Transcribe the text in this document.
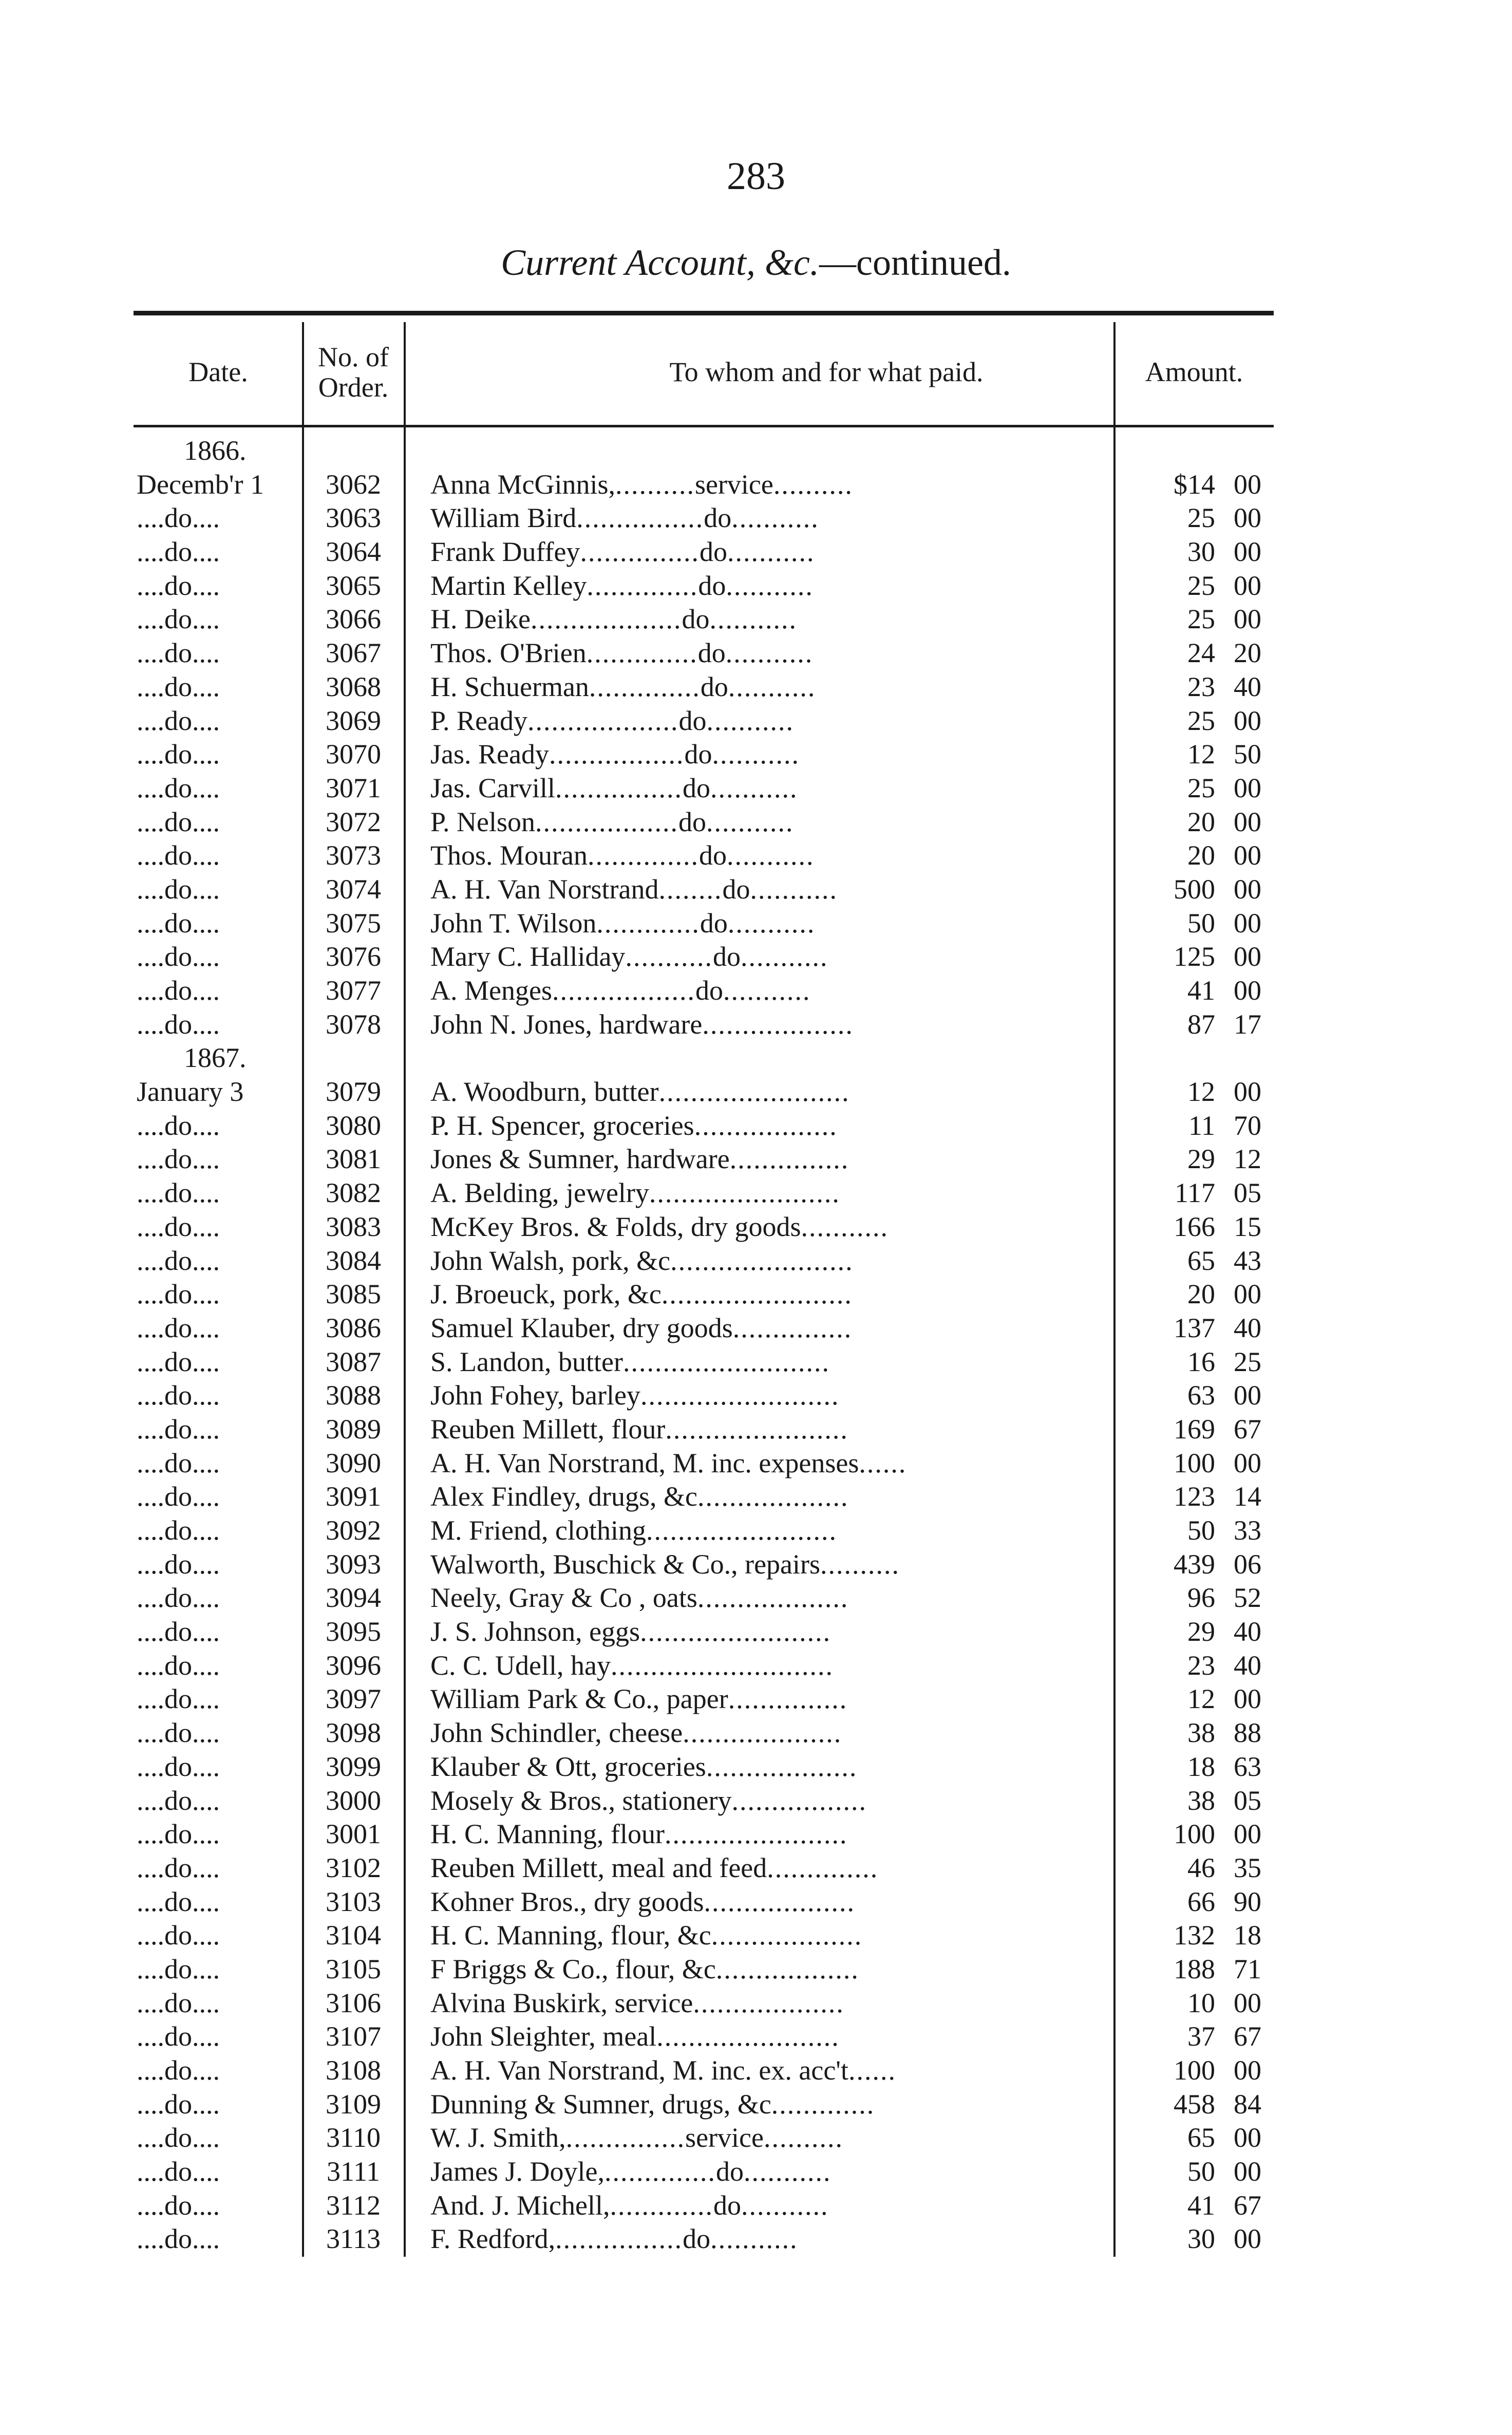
283
Current Account, &c.—continued.
Date.	No. of Order.	To whom and for what paid.	Amount.
1866.
Decemb'r 1	3062	Anna McGinnis,..........service..........	$14 00
....do....	3063	William Bird................do...........	25 00
....do....	3064	Frank Duffey...............do...........	30 00
....do....	3065	Martin Kelley..............do...........	25 00
....do....	3066	H. Deike...................do...........	25 00
....do....	3067	Thos. O'Brien..............do...........	24 20
....do....	3068	H. Schuerman..............do...........	23 40
....do....	3069	P. Ready...................do...........	25 00
....do....	3070	Jas. Ready.................do...........	12 50
....do....	3071	Jas. Carvill................do...........	25 00
....do....	3072	P. Nelson..................do...........	20 00
....do....	3073	Thos. Mouran..............do...........	20 00
....do....	3074	A. H. Van Norstrand........do...........	500 00
....do....	3075	John T. Wilson.............do...........	50 00
....do....	3076	Mary C. Halliday...........do...........	125 00
....do....	3077	A. Menges..................do...........	41 00
....do....	3078	John N. Jones, hardware...................	87 17
1867.
January 3	3079	A. Woodburn, butter........................	12 00
....do....	3080	P. H. Spencer, groceries..................	11 70
....do....	3081	Jones & Sumner, hardware...............	29 12
....do....	3082	A. Belding, jewelry........................	117 05
....do....	3083	McKey Bros. & Folds, dry goods...........	166 15
....do....	3084	John Walsh, pork, &c.......................	65 43
....do....	3085	J. Broeuck, pork, &c........................	20 00
....do....	3086	Samuel Klauber, dry goods...............	137 40
....do....	3087	S. Landon, butter..........................	16 25
....do....	3088	John Fohey, barley.........................	63 00
....do....	3089	Reuben Millett, flour.......................	169 67
....do....	3090	A. H. Van Norstrand, M. inc. expenses......	100 00
....do....	3091	Alex Findley, drugs, &c...................	123 14
....do....	3092	M. Friend, clothing........................	50 33
....do....	3093	Walworth, Buschick & Co., repairs..........	439 06
....do....	3094	Neely, Gray & Co , oats...................	96 52
....do....	3095	J. S. Johnson, eggs........................	29 40
....do....	3096	C. C. Udell, hay............................	23 40
....do....	3097	William Park & Co., paper...............	12 00
....do....	3098	John Schindler, cheese....................	38 88
....do....	3099	Klauber & Ott, groceries...................	18 63
....do....	3000	Mosely & Bros., stationery.................	38 05
....do....	3001	H. C. Manning, flour.......................	100 00
....do....	3102	Reuben Millett, meal and feed..............	46 35
....do....	3103	Kohner Bros., dry goods...................	66 90
....do....	3104	H. C. Manning, flour, &c...................	132 18
....do....	3105	F Briggs & Co., flour, &c..................	188 71
....do....	3106	Alvina Buskirk, service...................	10 00
....do....	3107	John Sleighter, meal.......................	37 67
....do....	3108	A. H. Van Norstrand, M. inc. ex. acc't......	100 00
....do....	3109	Dunning & Sumner, drugs, &c.............	458 84
....do....	3110	W. J. Smith,...............service..........	65 00
....do....	3111	James J. Doyle,..............do...........	50 00
....do....	3112	And. J. Michell,.............do...........	41 67
....do....	3113	F. Redford,................do...........	30 00
